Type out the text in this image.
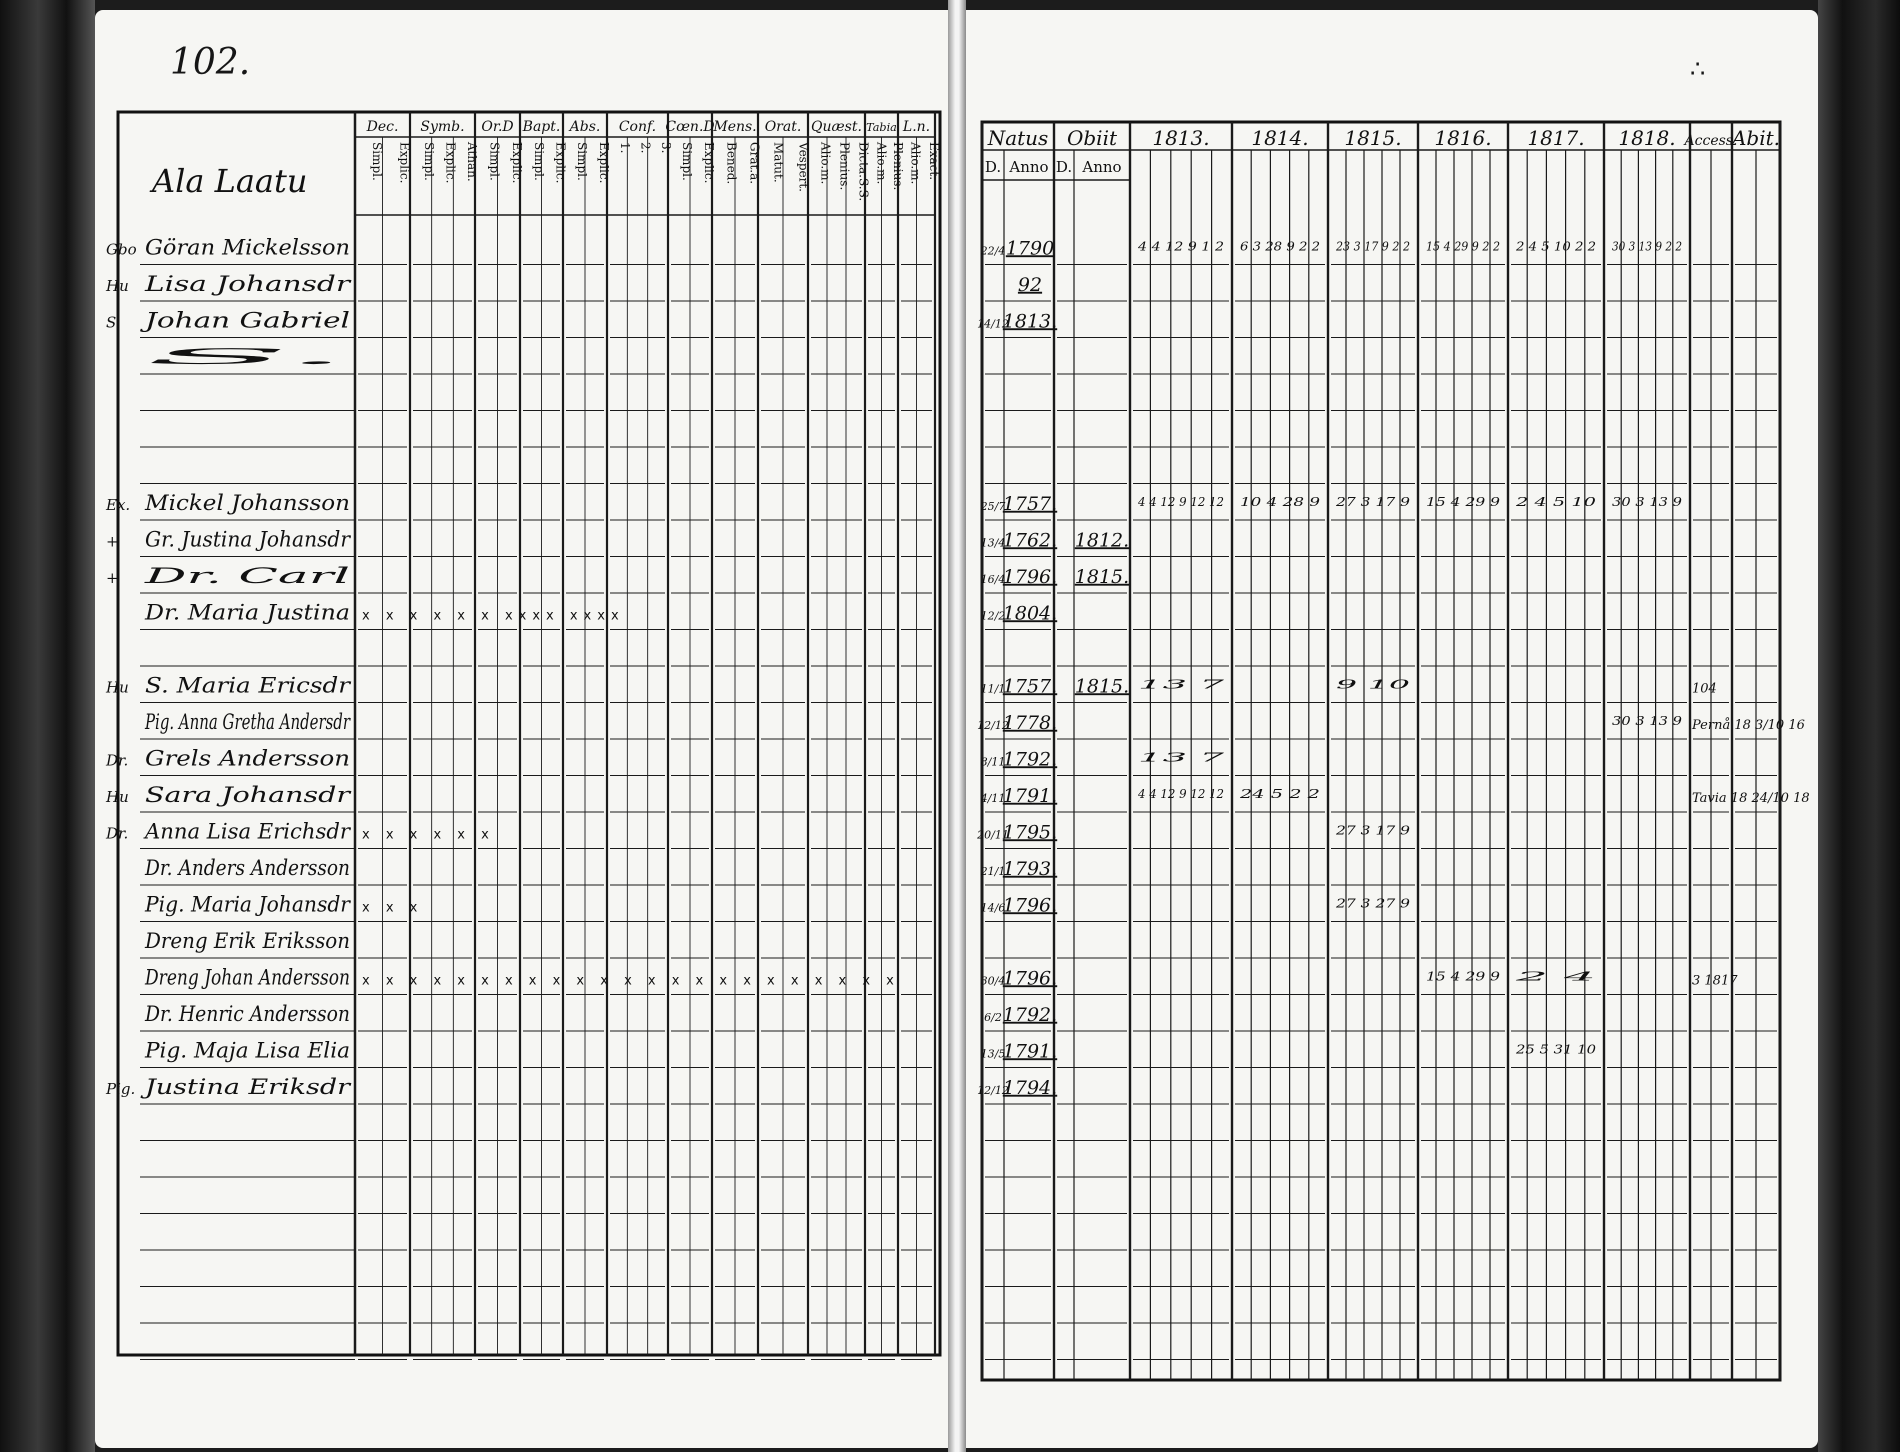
102.	∴
Dec.
Simpl. Explic.
Symb.
Simpl. Explic. Athan.
Or.D
Simpl. Explic.
Bapt.
Simpl. Explic.
Abs.
Simpl. Explic.
Conf.
1. 2. 3.
Cœn.D
Simpl. Explic.
Mens.
Bened. Grat.a.
Orat.
Matut. Vespert.
Quæst.
Alio.m. Plenius. Dicta.S.S.
Tabia
Alio.m. Plenius.
L.n.
Alio.m. Exact.
Ala Laatu
Gbo Göran Mickelsson
Hu Lisa Johansdr
S. Johan Gabriel
S.
Ex. Mickel Johansson
+ Gr. Justina Johansdr
+ Dr. Carl
Dr. Maria Justina x x x x x x xxxx xxxx
Hu S. Maria Ericsdr
Pig. Anna Gretha Andersdr
Dr. Grels Andersson
Hu Sara Johansdr
Dr. Anna Lisa Erichsdr x x x x x x
Dr. Anders Andersson
Pig. Maria Johansdr x x x
Dreng Erik Eriksson
Dreng Johan Andersson x x x x x x x x x x x x x x x x x x x x x x x
Dr. Henric Andersson
Pig. Maja Lisa Elia
Pig. Justina Eriksdr
Natus
D. Anno
Obiit
D. Anno
1813. 1814. 1815. 1816. 1817. 1818. Access.
Abit.
22/4 1790
92
14/12
1813.
25/7
1757.
13/4
1762. 1812.
16/4
1796. 1815.
12/2
1804.
11/1
1757. 1815.
12/12
1778.
8/11
1792.
4/11
1791.
20/11
1795.
21/1
1793.
14/6
1796.
30/4
1796.
6/2 1792.
13/5
1791.
12/12
1794.
4 4 12 9 1 2 6 3 28 9 2 2 23 3 17 9 2 2 15 4 29 9 2 2 2 4 5 10 2 2 30 3 13 9 2 2
4 4 12 9 12 12 10 4 28 9 27 3 17 9 15 4 29 9 2 4 5 10 30 3 13 9
13 7	9 10
30 3 13 9
13 7
4 4 12 9 12 12 24 5 2 2
27 3 17 9
27 3 27 9
15 4 29 9 2 4
25 5 31 10
104
Pernå 18 3/10 16
Tavia 18 24/10 18
3 1817
